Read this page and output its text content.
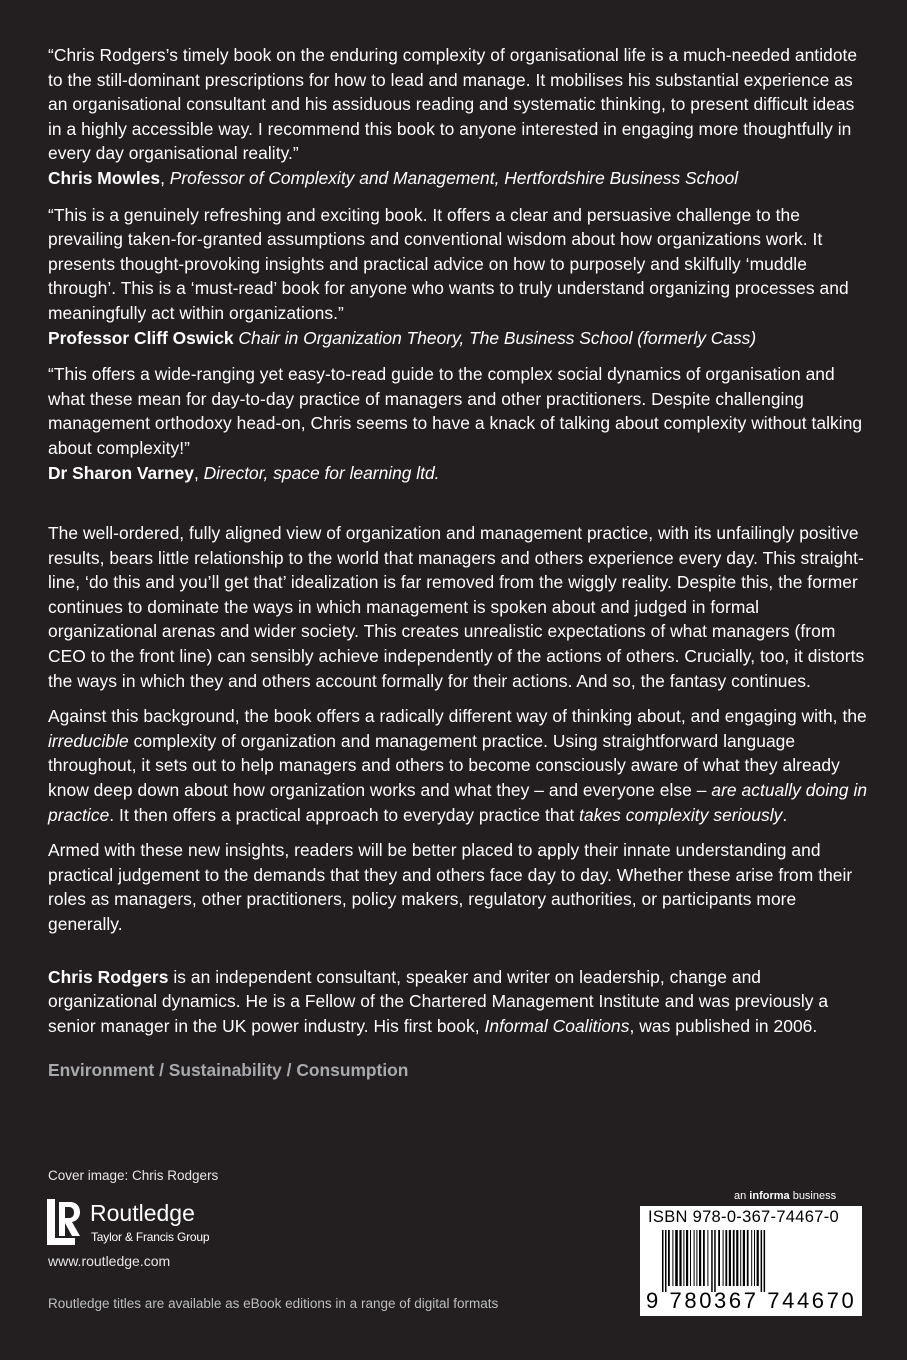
“Chris Rodgers’s timely book on the enduring complexity of organisational life is a much-needed antidote to the still-dominant prescriptions for how to lead and manage. It mobilises his substantial experience as an organisational consultant and his assiduous reading and systematic thinking, to present difficult ideas in a highly accessible way. I recommend this book to anyone interested in engaging more thoughtfully in every day organisational reality.”

Chris Mowles, Professor of Complexity and Management, Hertfordshire Business School

“This is a genuinely refreshing and exciting book. It offers a clear and persuasive challenge to the prevailing taken-for-granted assumptions and conventional wisdom about how organizations work. It presents thought-provoking insights and practical advice on how to purposely and skilfully ‘muddle through’. This is a ‘must-read’ book for anyone who wants to truly understand organizing processes and meaningfully act within organizations.”

Professor Cliff Oswick Chair in Organization Theory, The Business School (formerly Cass)

“This offers a wide-ranging yet easy-to-read guide to the complex social dynamics of organisation and what these mean for day-to-day practice of managers and other practitioners. Despite challenging management orthodoxy head-on, Chris seems to have a knack of talking about complexity without talking about complexity!”

Dr Sharon Varney, Director, space for learning ltd.

The well-ordered, fully aligned view of organization and management practice, with its unfailingly positive results, bears little relationship to the world that managers and others experience every day. This straight-line, ‘do this and you’ll get that’ idealization is far removed from the wiggly reality. Despite this, the former continues to dominate the ways in which management is spoken about and judged in formal organizational arenas and wider society. This creates unrealistic expectations of what managers (from CEO to the front line) can sensibly achieve independently of the actions of others. Crucially, too, it distorts the ways in which they and others account formally for their actions. And so, the fantasy continues.

Against this background, the book offers a radically different way of thinking about, and engaging with, the irreducible complexity of organization and management practice. Using straightforward language throughout, it sets out to help managers and others to become consciously aware of what they already know deep down about how organization works and what they – and everyone else – are actually doing in practice. It then offers a practical approach to everyday practice that takes complexity seriously.

Armed with these new insights, readers will be better placed to apply their innate understanding and practical judgement to the demands that they and others face day to day. Whether these arise from their roles as managers, other practitioners, policy makers, regulatory authorities, or participants more generally.

Chris Rodgers is an independent consultant, speaker and writer on leadership, change and organizational dynamics. He is a Fellow of the Chartered Management Institute and was previously a senior manager in the UK power industry. His first book, Informal Coalitions, was published in 2006.

Environment / Sustainability / Consumption
Cover image: Chris Rodgers
Routledge
Taylor & Francis Group
www.routledge.com
Routledge titles are available as eBook editions in a range of digital formats
an informa business
ISBN 978-0-367-74467-0
9 780367 744670
